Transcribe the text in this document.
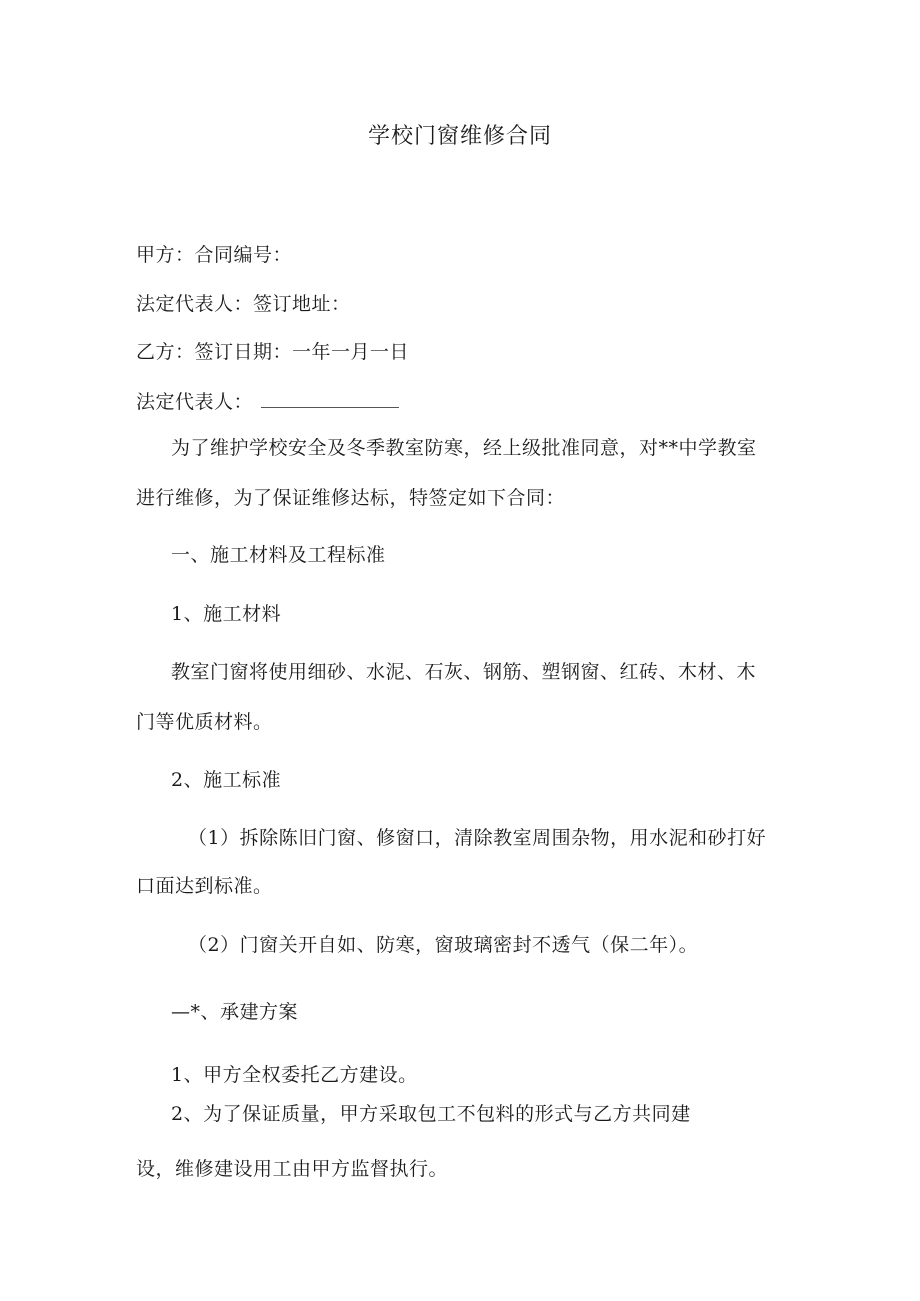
学校门窗维修合同
甲方：合同编号：
法定代表人：签订地址：
乙方：签订日期：一年一月一日
法定代表人：
为了维护学校安全及冬季教室防寒，经上级批准同意，对**中学教室
进行维修，为了保证维修达标，特签定如下合同：
一、施工材料及工程标准
1、施工材料
教室门窗将使用细砂、水泥、石灰、钢筋、塑钢窗、红砖、木材、木
门等优质材料。
2、施工标准
（1）拆除陈旧门窗、修窗口，清除教室周围杂物，用水泥和砂打好
口面达到标准。
（2）门窗关开自如、防寒，窗玻璃密封不透气（保二年）。
—*、承建方案
1、甲方全权委托乙方建设。
2、为了保证质量，甲方采取包工不包料的形式与乙方共同建
设，维修建设用工由甲方监督执行。
